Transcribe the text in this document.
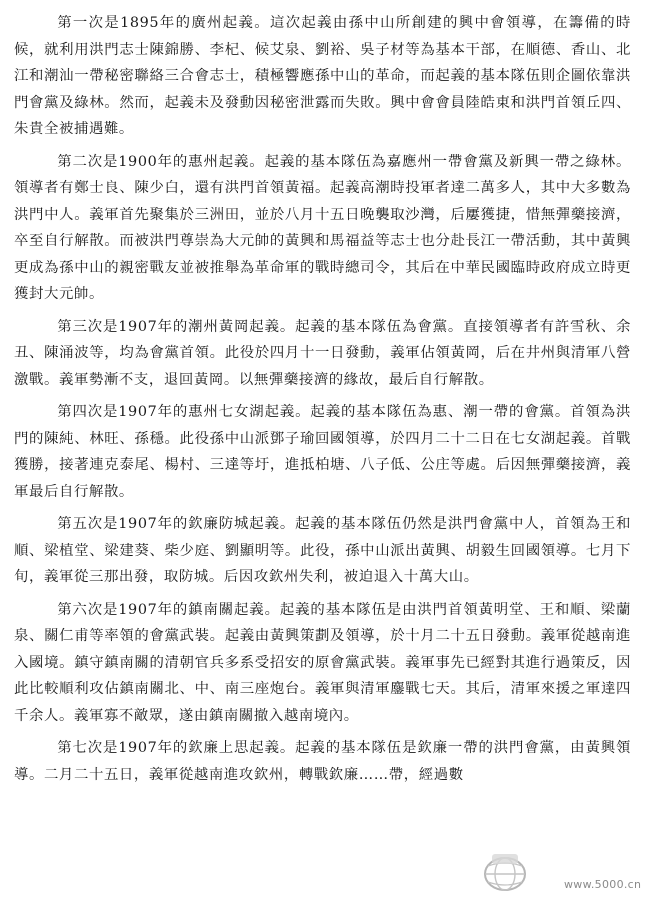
第一次是1895年的廣州起義。這次起義由孫中山所創建的興中會領導，在籌備的時候，就利用洪門志士陳錦勝、李杞、候艾泉、劉裕、吳子材等為基本干部，在順德、香山、北江和潮汕一帶秘密聯絡三合會志士，積極響應孫中山的革命，而起義的基本隊伍則企圖依靠洪門會黨及綠林。然而，起義未及發動因秘密泄露而失敗。興中會會員陸皓東和洪門首領丘四、朱貴全被捕遇難。

第二次是1900年的惠州起義。起義的基本隊伍為嘉應州一帶會黨及新興一帶之綠林。領導者有鄭士良、陳少白，還有洪門首領黃福。起義高潮時投軍者達二萬多人，其中大多數為洪門中人。義軍首先聚集於三洲田，並於八月十五日晚襲取沙灣，后屢獲捷，惜無彈藥接濟，卒至自行解散。而被洪門尊崇為大元帥的黃興和馬福益等志士也分赴長江一帶活動，其中黃興更成為孫中山的親密戰友並被推舉為革命軍的戰時總司令，其后在中華民國臨時政府成立時更獲封大元帥。

第三次是1907年的潮州黃岡起義。起義的基本隊伍為會黨。直接領導者有許雪秋、余丑、陳涌波等，均為會黨首領。此役於四月十一日發動，義軍佔領黃岡，后在井州與清軍八營激戰。義軍勢漸不支，退回黃岡。以無彈藥接濟的緣故，最后自行解散。

第四次是1907年的惠州七女湖起義。起義的基本隊伍為惠、潮一帶的會黨。首領為洪門的陳純、林旺、孫穩。此役孫中山派鄧子瑜回國領導，於四月二十二日在七女湖起義。首戰獲勝，接著連克泰尾、楊村、三達等圩，進抵柏塘、八子低、公庄等處。后因無彈藥接濟，義軍最后自行解散。

第五次是1907年的欽廉防城起義。起義的基本隊伍仍然是洪門會黨中人，首領為王和順、梁植堂、梁建葵、柴少庭、劉顯明等。此役，孫中山派出黃興、胡毅生回國領導。七月下旬，義軍從三那出發，取防城。后因攻欽州失利，被迫退入十萬大山。

第六次是1907年的鎮南關起義。起義的基本隊伍是由洪門首領黃明堂、王和順、梁蘭泉、關仁甫等率領的會黨武裝。起義由黃興策劃及領導，於十月二十五日發動。義軍從越南進入國境。鎮守鎮南關的清朝官兵多系受招安的原會黨武裝。義軍事先已經對其進行過策反，因此比較順利攻佔鎮南關北、中、南三座炮台。義軍與清軍鏖戰七天。其后，清軍來援之軍達四千余人。義軍寡不敵眾，遂由鎮南關撤入越南境內。

第七次是1907年的欽廉上思起義。起義的基本隊伍是欽廉一帶的洪門會黨，由黃興領導。二月二十五日，義軍從越南進攻欽州，轉戰欽廉……帶，經過數

www.5000.cn
